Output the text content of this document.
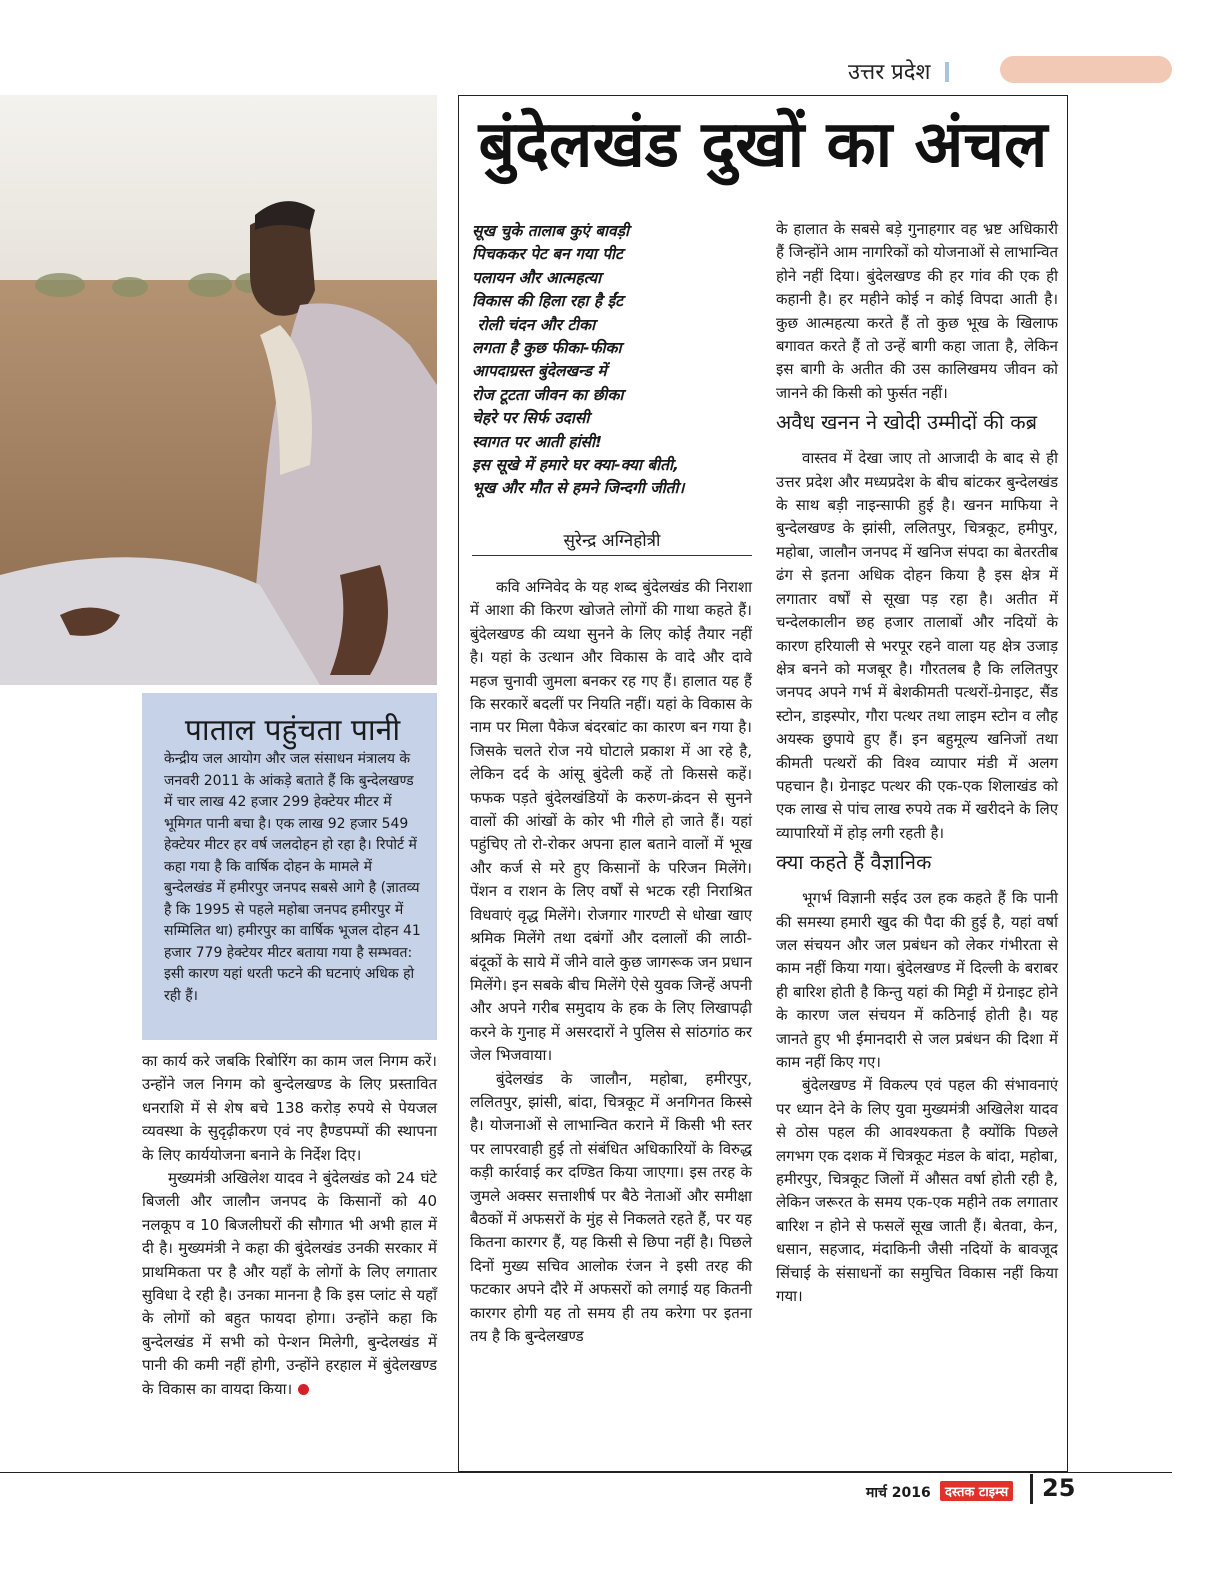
उत्तर प्रदेश
बुंदेलखंड दुखों का अंचल
सूख चुके तालाब कुएं बावड़ी
पिचककर पेट बन गया पीट
पलायन और आत्महत्या
विकास की हिला रहा है ईंट
रोली चंदन और टीका
लगता है कुछ फीका-फीका
आपदाग्रस्त बुंदेलखन्ड में
रोज टूटता जीवन का छीका
चेहरे पर सिर्फ उदासी
स्वागत पर आती हांसी!
इस सूखे में हमारे घर क्या-क्या बीती,
भूख और मौत से हमने जिन्दगी जीती।
सुरेन्द्र अग्निहोत्री

कवि अग्निवेद के यह शब्द बुंदेलखंड की निराशा में आशा की किरण खोजते लोगों की गाथा कहते हैं। बुंदेलखण्ड की व्यथा सुनने के लिए कोई तैयार नहीं है। यहां के उत्थान और विकास के वादे और दावे महज चुनावी जुमला बनकर रह गए हैं। हालात यह हैं कि सरकारें बदलीं पर नियति नहीं। यहां के विकास के नाम पर मिला पैकेज बंदरबांट का कारण बन गया है। जिसके चलते रोज नये घोटाले प्रकाश में आ रहे है, लेकिन दर्द के आंसू बुंदेली कहें तो किससे कहें। फफक पड़ते बुंदेलखंडियों के करुण-क्रंदन से सुनने वालों की आंखों के कोर भी गीले हो जाते हैं। यहां पहुंचिए तो रो-रोकर अपना हाल बताने वालों में भूख और कर्ज से मरे हुए किसानों के परिजन मिलेंगे। पेंशन व राशन के लिए वर्षों से भटक रही निराश्रित विधवाएं वृद्ध मिलेंगे। रोजगार गारण्टी से धोखा खाए श्रमिक मिलेंगे तथा दबंगों और दलालों की लाठी-बंदूकों के साये में जीने वाले कुछ जागरूक जन प्रधान मिलेंगे। इन सबके बीच मिलेंगे ऐसे युवक जिन्हें अपनी और अपने गरीब समुदाय के हक के लिए लिखापढ़ी करने के गुनाह में असरदारों ने पुलिस से सांठगांठ कर जेल भिजवाया।

बुंदेलखंड के जालौन, महोबा, हमीरपुर, ललितपुर, झांसी, बांदा, चित्रकूट में अनगिनत किस्से है। योजनाओं से लाभान्वित कराने में किसी भी स्तर पर लापरवाही हुई तो संबंधित अधिकारियों के विरुद्ध कड़ी कार्रवाई कर दण्डित किया जाएगा। इस तरह के जुमले अक्सर सत्ताशीर्ष पर बैठे नेताओं और समीक्षा बैठकों में अफसरों के मुंह से निकलते रहते हैं, पर यह कितना कारगर हैं, यह किसी से छिपा नहीं है। पिछले दिनों मुख्य सचिव आलोक रंजन ने इसी तरह की फटकार अपने दौरे में अफसरों को लगाई यह कितनी कारगर होगी यह तो समय ही तय करेगा पर इतना तय है कि बुन्देलखण्ड

के हालात के सबसे बड़े गुनाहगार वह भ्रष्ट अधिकारी हैं जिन्होंने आम नागरिकों को योजनाओं से लाभान्वित होने नहीं दिया। बुंदेलखण्ड की हर गांव की एक ही कहानी है। हर महीने कोई न कोई विपदा आती है। कुछ आत्महत्या करते हैं तो कुछ भूख के खिलाफ बगावत करते हैं तो उन्हें बागी कहा जाता है, लेकिन इस बागी के अतीत की उस कालिखमय जीवन को जानने की किसी को फुर्सत नहीं।

अवैध खनन ने खोदी उम्मीदों की कब्र

वास्तव में देखा जाए तो आजादी के बाद से ही उत्तर प्रदेश और मध्यप्रदेश के बीच बांटकर बुन्देलखंड के साथ बड़ी नाइन्साफी हुई है। खनन माफिया ने बुन्देलखण्ड के झांसी, ललितपुर, चित्रकूट, हमीपुर, महोबा, जालौन जनपद में खनिज संपदा का बेतरतीब ढंग से इतना अधिक दोहन किया है इस क्षेत्र में लगातार वर्षों से सूखा पड़ रहा है। अतीत में चन्देलकालीन छह हजार तालाबों और नदियों के कारण हरियाली से भरपूर रहने वाला यह क्षेत्र उजाड़ क्षेत्र बनने को मजबूर है। गौरतलब है कि ललितपुर जनपद अपने गर्भ में बेशकीमती पत्थरों-ग्रेनाइट, सैंड स्टोन, डाइस्पोर, गौरा पत्थर तथा लाइम स्टोन व लौह अयस्क छुपाये हुए हैं। इन बहुमूल्य खनिजों तथा कीमती पत्थरों की विश्व व्यापार मंडी में अलग पहचान है। ग्रेनाइट पत्थर की एक-एक शिलाखंड को एक लाख से पांच लाख रुपये तक में खरीदने के लिए व्यापारियों में होड़ लगी रहती है।

क्या कहते हैं वैज्ञानिक

भूगर्भ विज्ञानी सईद उल हक कहते हैं कि पानी की समस्या हमारी खुद की पैदा की हुई है, यहां वर्षा जल संचयन और जल प्रबंधन को लेकर गंभीरता से काम नहीं किया गया। बुंदेलखण्ड में दिल्ली के बराबर ही बारिश होती है किन्तु यहां की मिट्टी में ग्रेनाइट होने के कारण जल संचयन में कठिनाई होती है। यह जानते हुए भी ईमानदारी से जल प्रबंधन की दिशा में काम नहीं किए गए।

बुंदेलखण्ड में विकल्प एवं पहल की संभावनाएं पर ध्यान देने के लिए युवा मुख्यमंत्री अखिलेश यादव से ठोस पहल की आवश्यकता है क्योंकि पिछले लगभग एक दशक में चित्रकूट मंडल के बांदा, महोबा, हमीरपुर, चित्रकूट जिलों में औसत वर्षा होती रही है, लेकिन जरूरत के समय एक-एक महीने तक लगातार बारिश न होने से फसलें सूख जाती हैं। बेतवा, केन, धसान, सहजाद, मंदाकिनी जैसी नदियों के बावजूद सिंचाई के संसाधनों का समुचित विकास नहीं किया गया।

पाताल पहुंचता पानी
केन्द्रीय जल आयोग और जल संसाधन मंत्रालय के जनवरी 2011 के आंकड़े बताते हैं कि बुन्देलखण्ड में चार लाख 42 हजार 299 हेक्टेयर मीटर में भूमिगत पानी बचा है। एक लाख 92 हजार 549 हेक्टेयर मीटर हर वर्ष जलदोहन हो रहा है। रिपोर्ट में कहा गया है कि वार्षिक दोहन के मामले में बुन्देलखंड में हमीरपुर जनपद सबसे आगे है (ज्ञातव्य है कि 1995 से पहले महोबा जनपद हमीरपुर में सम्मिलित था) हमीरपुर का वार्षिक भूजल दोहन 41 हजार 779 हेक्टेयर मीटर बताया गया है सम्भवत: इसी कारण यहां धरती फटने की घटनाएं अधिक हो रही हैं।

का कार्य करे जबकि रिबोरिंग का काम जल निगम करें। उन्होंने जल निगम को बुन्देलखण्ड के लिए प्रस्तावित धनराशि में से शेष बचे 138 करोड़ रुपये से पेयजल व्यवस्था के सुदृढ़ीकरण एवं नए हैण्डपम्पों की स्थापना के लिए कार्ययोजना बनाने के निर्देश दिए।

मुख्यमंत्री अखिलेश यादव ने बुंदेलखंड को 24 घंटे बिजली और जालौन जनपद के किसानों को 40 नलकूप व 10 बिजलीघरों की सौगात भी अभी हाल में दी है। मुख्यमंत्री ने कहा की बुंदेलखंड उनकी सरकार में प्राथमिकता पर है और यहाँ के लोगों के लिए लगातार सुविधा दे रही है। उनका मानना है कि इस प्लांट से यहाँ के लोगों को बहुत फायदा होगा। उन्होंने कहा कि बुन्देलखंड में सभी को पेन्शन मिलेगी, बुन्देलखंड में पानी की कमी नहीं होगी, उन्होंने हरहाल में बुंदेलखण्ड के विकास का वायदा किया।

मार्च 2016	दस्तक टाइम्स 25
